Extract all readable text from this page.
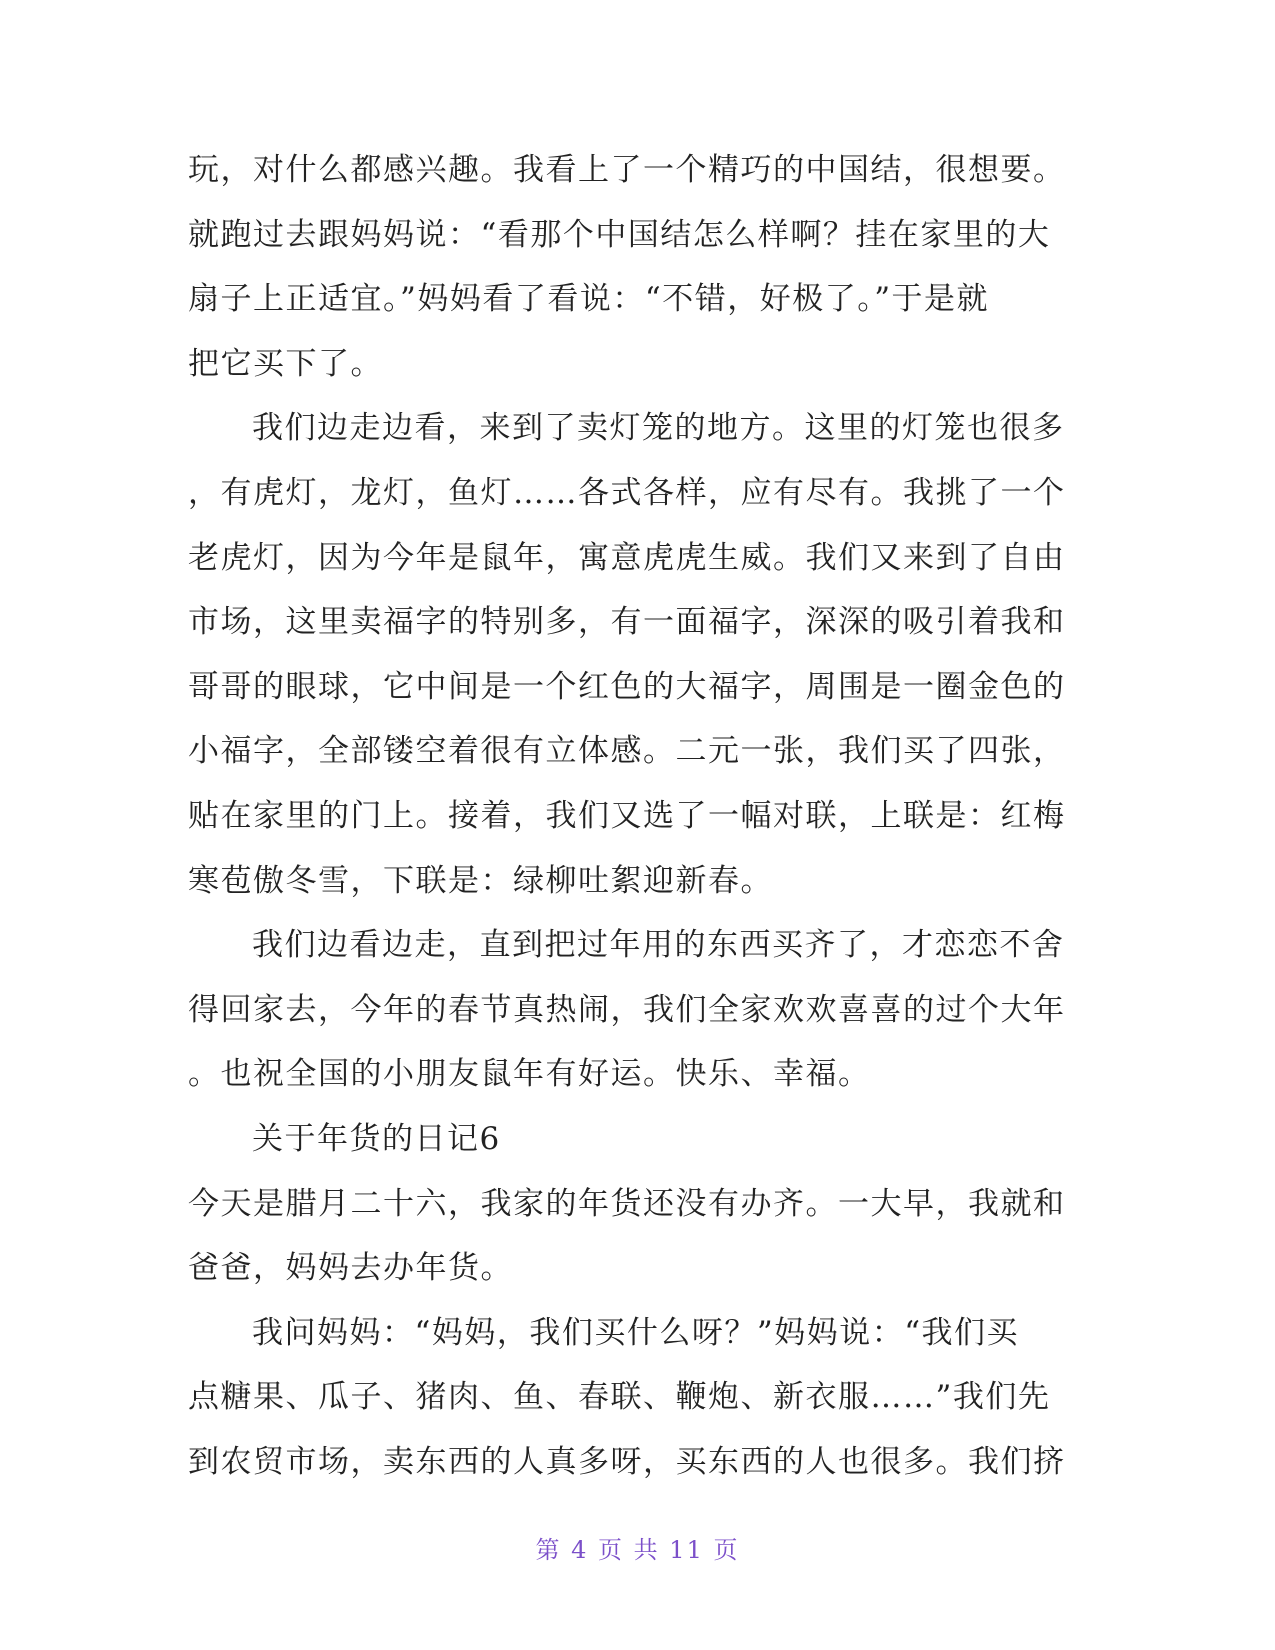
玩，对什么都感兴趣。我看上了一个精巧的中国结，很想要。
就跑过去跟妈妈说：“看那个中国结怎么样啊？挂在家里的大
扇子上正适宜。”妈妈看了看说：“不错，好极了。”于是就
把它买下了。
我们边走边看，来到了卖灯笼的地方。这里的灯笼也很多
，有虎灯，龙灯，鱼灯……各式各样，应有尽有。我挑了一个
老虎灯，因为今年是鼠年，寓意虎虎生威。我们又来到了自由
市场，这里卖福字的特别多，有一面福字，深深的吸引着我和
哥哥的眼球，它中间是一个红色的大福字，周围是一圈金色的
小福字，全部镂空着很有立体感。二元一张，我们买了四张，
贴在家里的门上。接着，我们又选了一幅对联，上联是：红梅
寒苞傲冬雪，下联是：绿柳吐絮迎新春。
我们边看边走，直到把过年用的东西买齐了，才恋恋不舍
得回家去，今年的春节真热闹，我们全家欢欢喜喜的过个大年
。也祝全国的小朋友鼠年有好运。快乐、幸福。
关于年货的日记6
今天是腊月二十六，我家的年货还没有办齐。一大早，我就和
爸爸，妈妈去办年货。
我问妈妈：“妈妈，我们买什么呀？”妈妈说：“我们买
点糖果、瓜子、猪肉、鱼、春联、鞭炮、新衣服……”我们先
到农贸市场，卖东西的人真多呀，买东西的人也很多。我们挤
第 4 页 共 11 页
